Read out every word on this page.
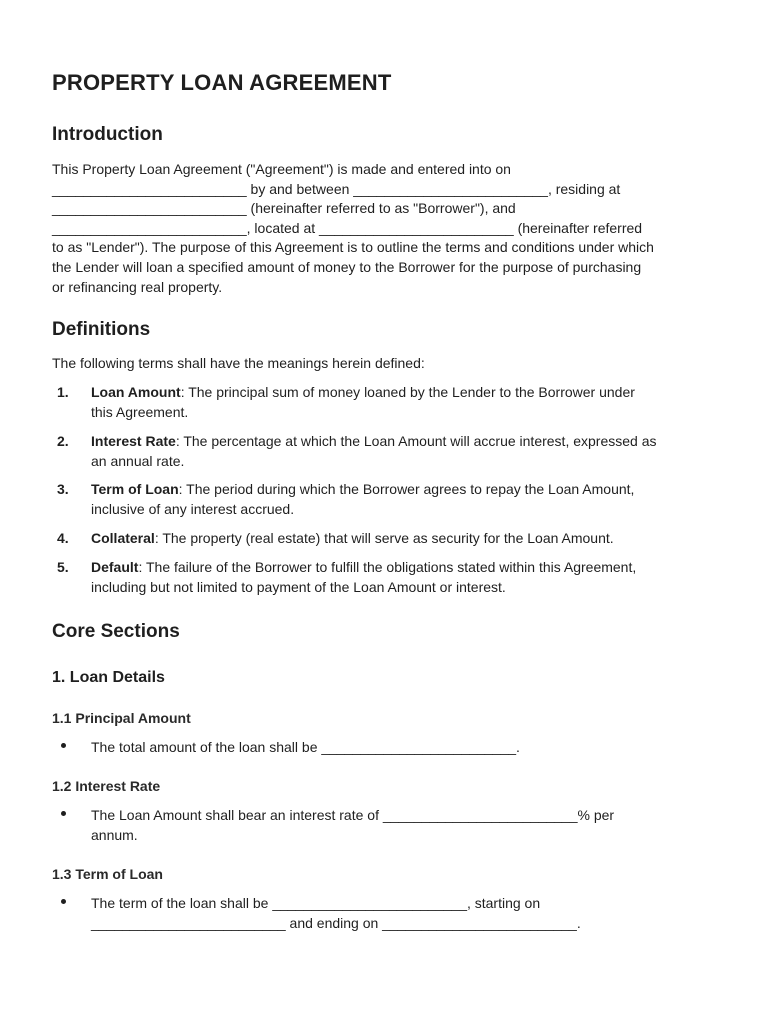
PROPERTY LOAN AGREEMENT
Introduction

This Property Loan Agreement ("Agreement") is made and entered into on
_________________________ by and between _________________________, residing at
_________________________ (hereinafter referred to as "Borrower"), and
_________________________, located at _________________________ (hereinafter referred
to as "Lender"). The purpose of this Agreement is to outline the terms and conditions under which
the Lender will loan a specified amount of money to the Borrower for the purpose of purchasing
or refinancing real property.

Definitions

The following terms shall have the meanings herein defined:

1. Loan Amount: The principal sum of money loaned by the Lender to the Borrower under
this Agreement.
2. Interest Rate: The percentage at which the Loan Amount will accrue interest, expressed as
an annual rate.
3. Term of Loan: The period during which the Borrower agrees to repay the Loan Amount,
inclusive of any interest accrued.
4. Collateral: The property (real estate) that will serve as security for the Loan Amount.
5. Default: The failure of the Borrower to fulfill the obligations stated within this Agreement,
including but not limited to payment of the Loan Amount or interest.
Core Sections
1. Loan Details
1.1 Principal Amount
The total amount of the loan shall be _________________________.
1.2 Interest Rate
The Loan Amount shall bear an interest rate of _________________________% per
annum.
1.3 Term of Loan
The term of the loan shall be _________________________, starting on
_________________________ and ending on _________________________.
